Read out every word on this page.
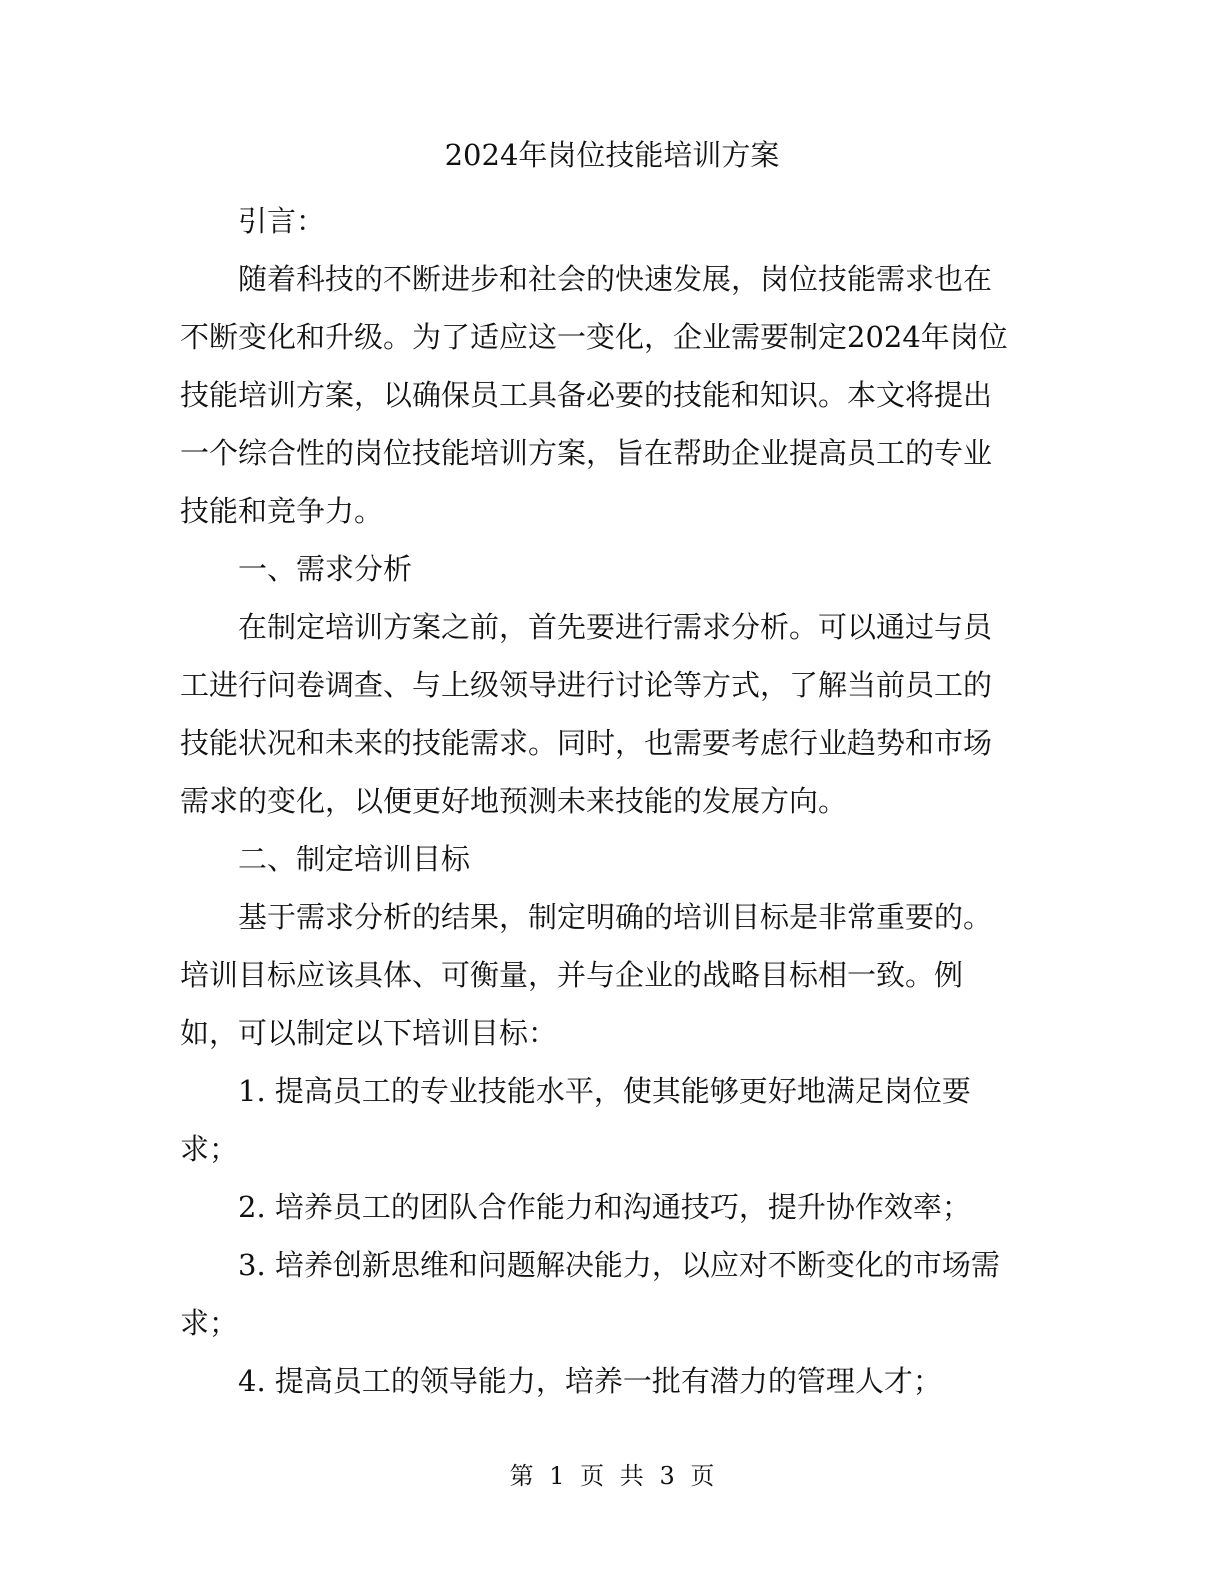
2024年岗位技能培训方案

引言：

随着科技的不断进步和社会的快速发展，岗位技能需求也在

不断变化和升级。为了适应这一变化，企业需要制定2024年岗位

技能培训方案，以确保员工具备必要的技能和知识。本文将提出

一个综合性的岗位技能培训方案，旨在帮助企业提高员工的专业

技能和竞争力。

一、需求分析

在制定培训方案之前，首先要进行需求分析。可以通过与员

工进行问卷调查、与上级领导进行讨论等方式，了解当前员工的

技能状况和未来的技能需求。同时，也需要考虑行业趋势和市场

需求的变化，以便更好地预测未来技能的发展方向。

二、制定培训目标

基于需求分析的结果，制定明确的培训目标是非常重要的。

培训目标应该具体、可衡量，并与企业的战略目标相一致。例

如，可以制定以下培训目标：

1. 提高员工的专业技能水平，使其能够更好地满足岗位要

求；

2. 培养员工的团队合作能力和沟通技巧，提升协作效率；

3. 培养创新思维和问题解决能力，以应对不断变化的市场需

求；

4. 提高员工的领导能力，培养一批有潜力的管理人才；

第 1 页 共 3 页
